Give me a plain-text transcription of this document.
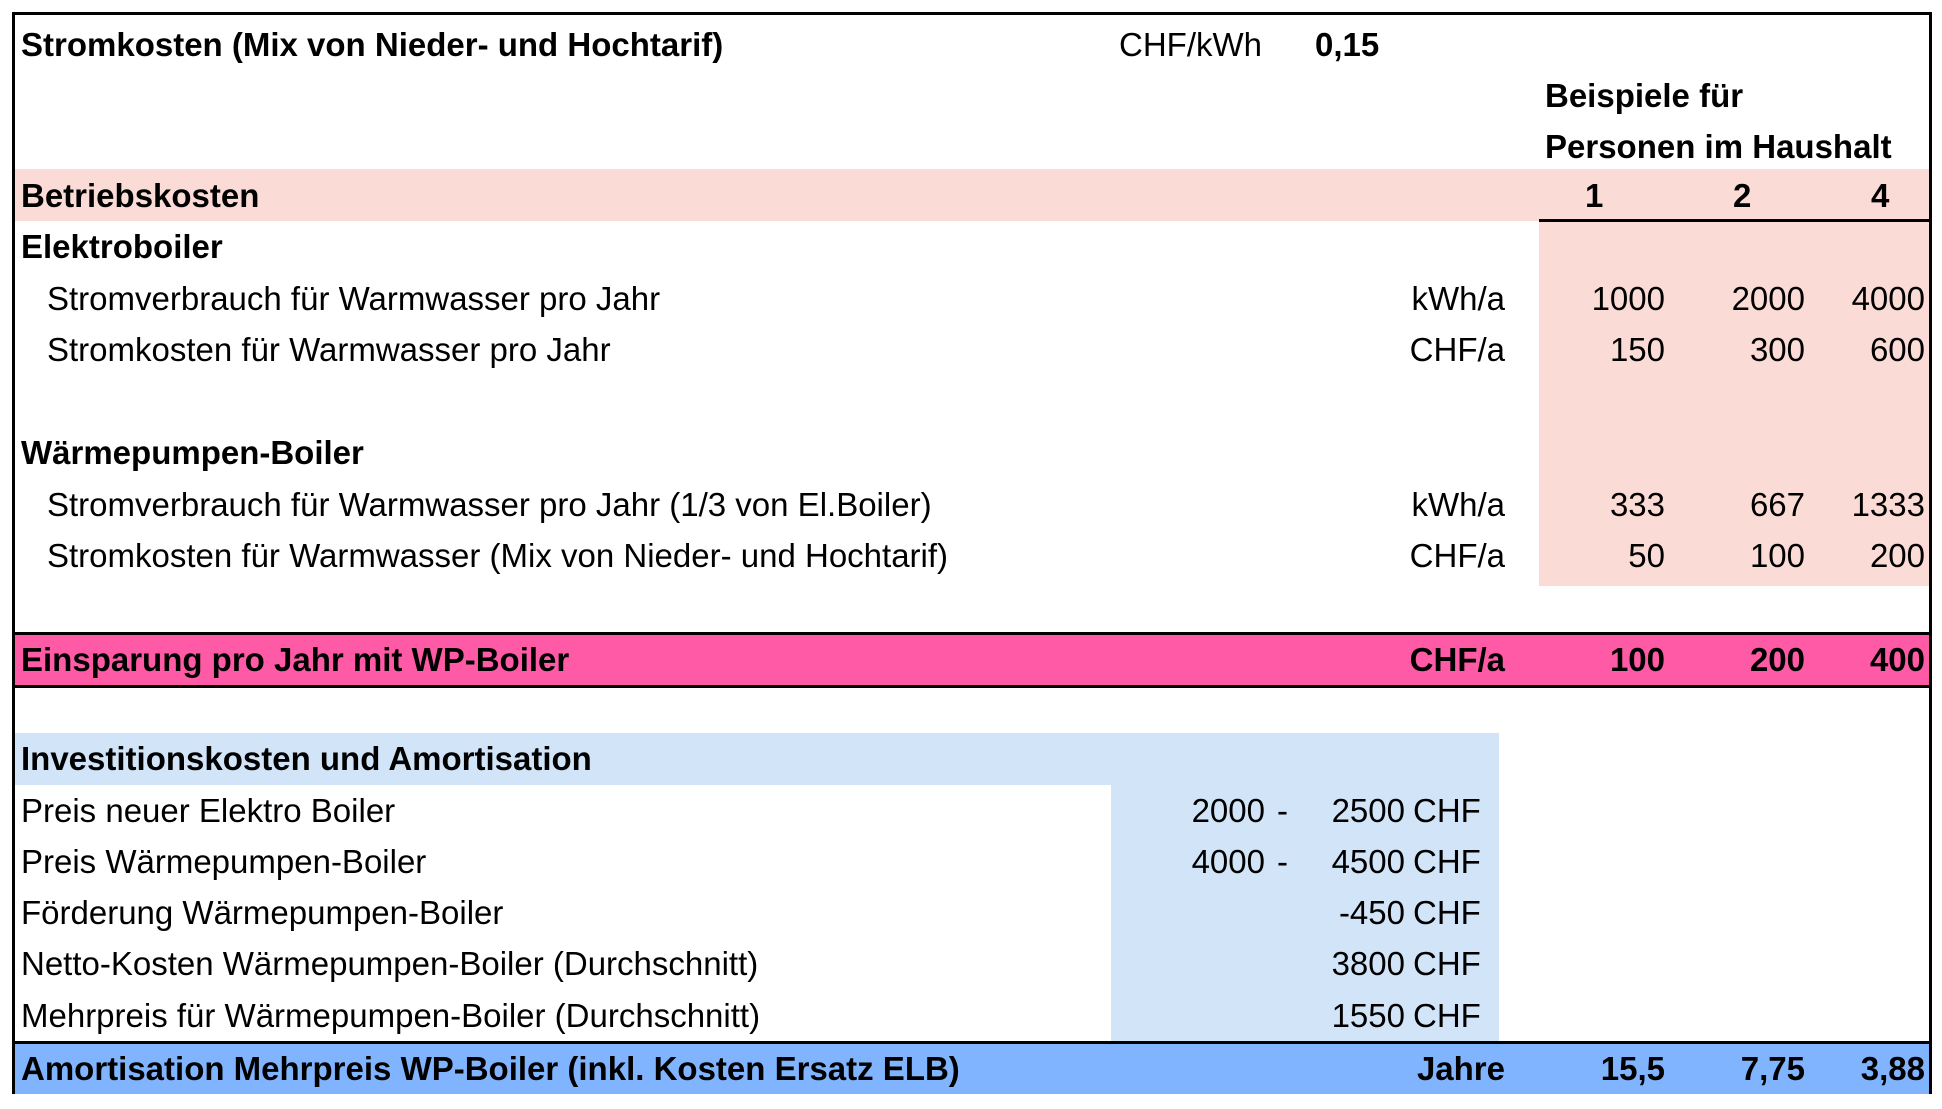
Stromkosten (Mix von Nieder- und Hochtarif)	CHF/kWh 0,15
Beispiele für
Personen im Haushalt
Betriebskosten	1	2	4
Elektroboiler
Stromverbrauch für Warmwasser pro Jahr	kWh/a	1000	2000	4000
Stromkosten für Warmwasser pro Jahr	CHF/a	150	300	600
Wärmepumpen-Boiler
Stromverbrauch für Warmwasser pro Jahr (1/3 von El.Boiler)	kWh/a	333	667	1333
Stromkosten für Warmwasser (Mix von Nieder- und Hochtarif)	CHF/a	50	100	200
Einsparung pro Jahr mit WP-Boiler	CHF/a	100	200	400
Investitionskosten und Amortisation
Preis neuer Elektro Boiler	2000 -	2500 CHF
Preis Wärmepumpen-Boiler	4000 -	4500 CHF
Förderung Wärmepumpen-Boiler	-450 CHF
Netto-Kosten Wärmepumpen-Boiler (Durchschnitt)	3800 CHF
Mehrpreis für Wärmepumpen-Boiler (Durchschnitt)	1550 CHF
Amortisation Mehrpreis WP-Boiler (inkl. Kosten Ersatz ELB)	Jahre	15,5	7,75	3,88
